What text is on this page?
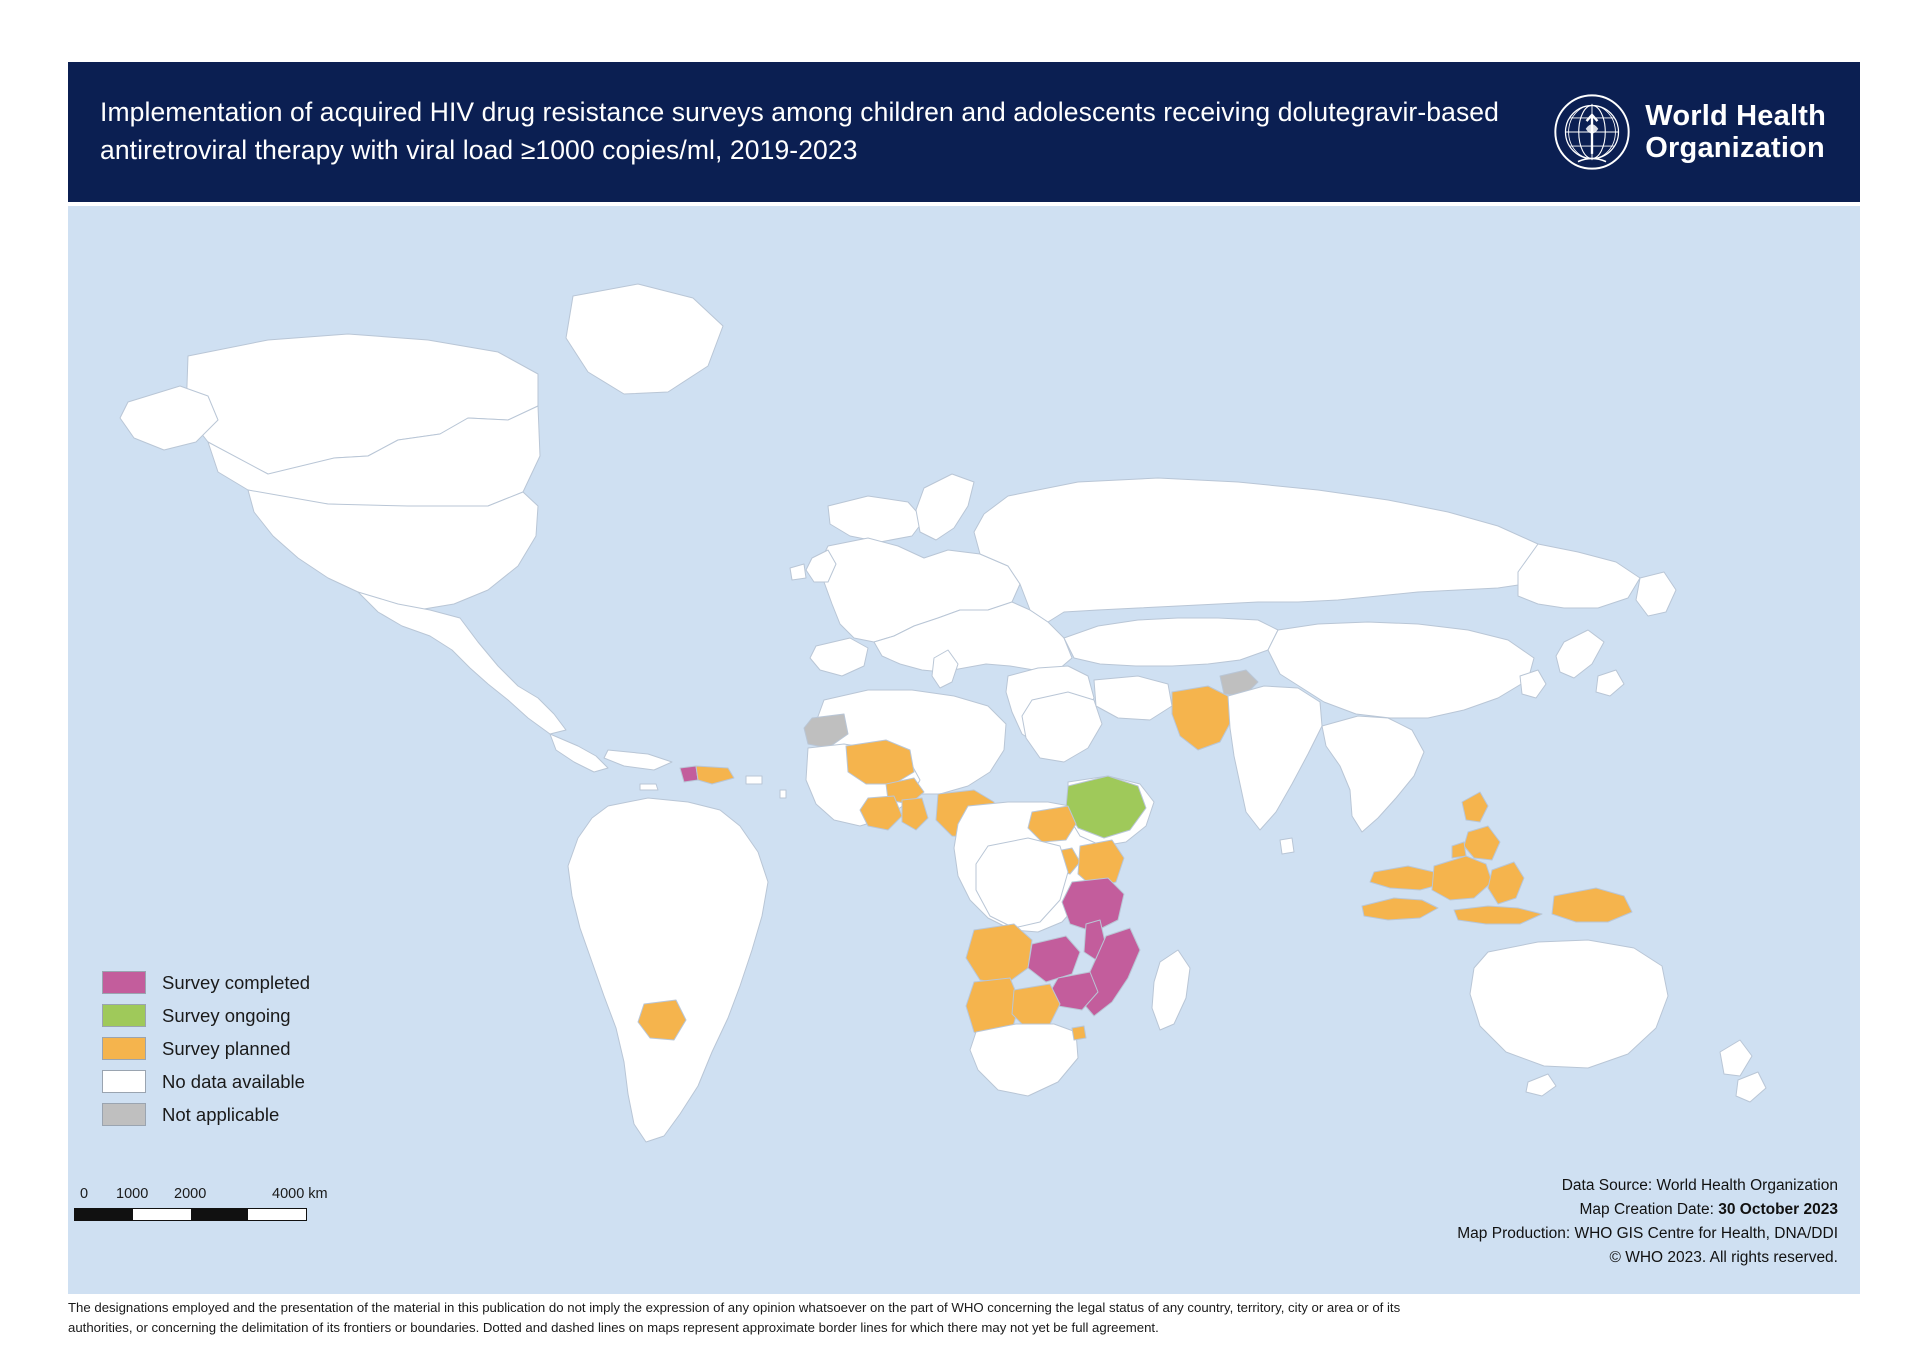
Implementation of acquired HIV drug resistance surveys among children and adolescents receiving dolutegravir-based antiretroviral therapy with viral load ≥1000 copies/ml, 2019-2023
World Health
Organization
Survey completed
Survey ongoing
Survey planned
No data available
Not applicable
0 1000 2000	4000 km	Data Source: World Health Organization
Map Creation Date: 30 October 2023
Map Production: WHO GIS Centre for Health, DNA/DDI
© WHO 2023. All rights reserved.
The designations employed and the presentation of the material in this publication do not imply the expression of any opinion whatsoever on the part of WHO concerning the legal status of any country, territory, city or area or of its authorities, or concerning the delimitation of its frontiers or boundaries. Dotted and dashed lines on maps represent approximate border lines for which there may not yet be full agreement.
